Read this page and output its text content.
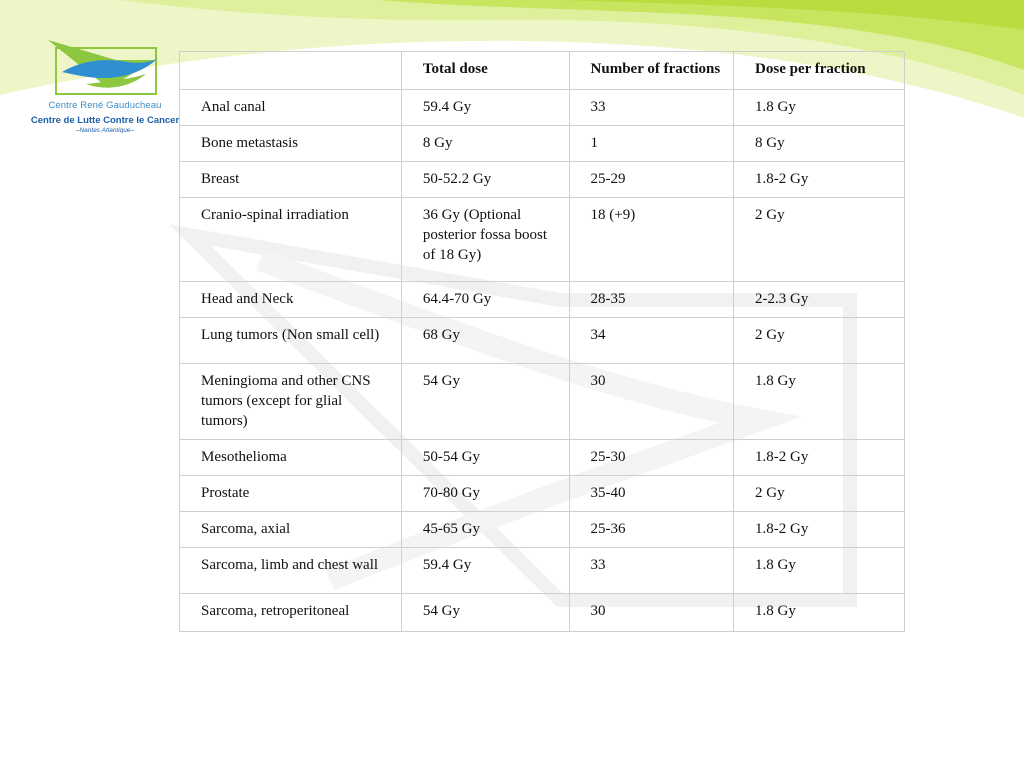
Centre René Gauducheau
Centre de Lutte Contre le Cancer
–Nantes Atlantique–
	Total dose	Number of fractions	Dose per fraction
Anal canal	59.4 Gy	33	1.8 Gy
Bone metastasis	8 Gy	1	8 Gy
Breast	50-52.2 Gy	25-29	1.8-2 Gy
Cranio-spinal irradiation	36 Gy (Optional posterior fossa boost of 18 Gy)	18 (+9)	2 Gy
Head and Neck	64.4-70 Gy	28-35	2-2.3 Gy
Lung tumors (Non small cell)	68 Gy	34	2 Gy
Meningioma and other CNS tumors (except for glial tumors)	54 Gy	30	1.8 Gy
Mesothelioma	50-54 Gy	25-30	1.8-2 Gy
Prostate	70-80 Gy	35-40	2 Gy
Sarcoma, axial	45-65 Gy	25-36	1.8-2 Gy
Sarcoma, limb and chest wall	59.4 Gy	33	1.8 Gy
Sarcoma, retroperitoneal	54 Gy	30	1.8 Gy
